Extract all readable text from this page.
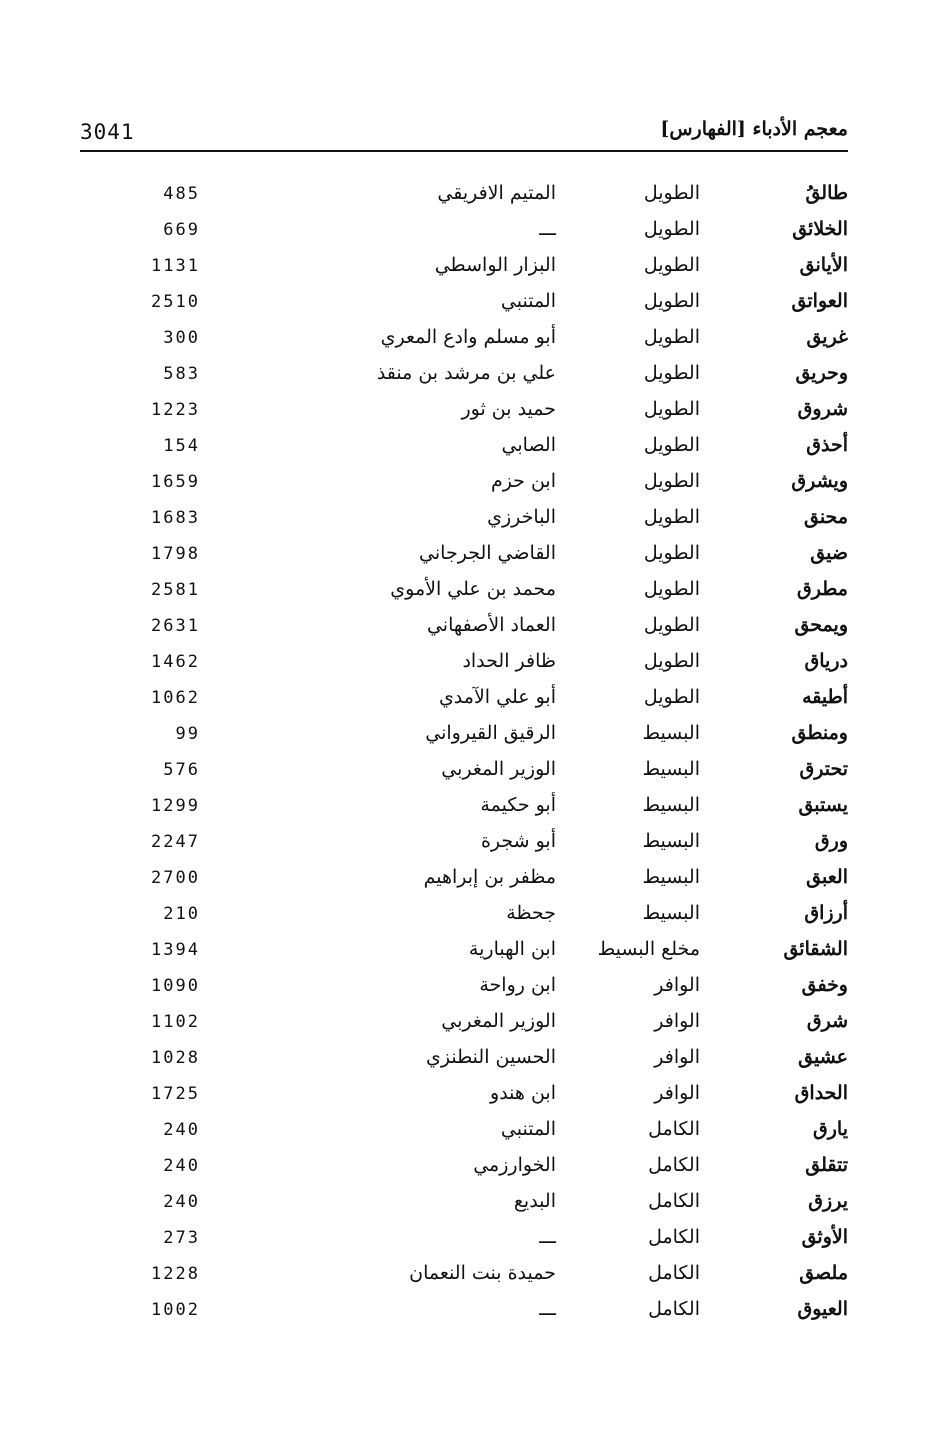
3041	معجم الأدباء [الفهارس]
طالقُ
الطويل
المتيم الافريقي
485
الخلائق
الطويل
ـــ
669
الأيانق
الطويل
البزار الواسطي
1131
العواتق
الطويل
المتنبي
2510
غريق
الطويل
أبو مسلم وادع المعري
300
وحريق
الطويل
علي بن مرشد بن منقذ
583
شروق
الطويل
حميد بن ثور
1223
أحذق
الطويل
الصابي
154
ويشرق
الطويل
ابن حزم
1659
محنق
الطويل
الباخرزي
1683
ضيق
الطويل
القاضي الجرجاني
1798
مطرق
الطويل
محمد بن علي الأموي
2581
ويمحق
الطويل
العماد الأصفهاني
2631
درياق
الطويل
ظافر الحداد
1462
أطيقه
الطويل
أبو علي الآمدي
1062
ومنطق
البسيط
الرقيق القيرواني
99
تحترق
البسيط
الوزير المغربي
576
يستبق
البسيط
أبو حكيمة
1299
ورق
البسيط
أبو شجرة
2247
العبق
البسيط
مظفر بن إبراهيم
2700
أرزاق
البسيط
جحظة
210
الشقائق
مخلع البسيط
ابن الهبارية
1394
وخفق
الوافر
ابن رواحة
1090
شرق
الوافر
الوزير المغربي
1102
عشيق
الوافر
الحسين النطنزي
1028
الحداق
الوافر
ابن هندو
1725
يارق
الكامل
المتنبي
240
تتقلق
الكامل
الخوارزمي
240
يرزق
الكامل
البديع
240
الأوثق
الكامل
ـــ
273
ملصق
الكامل
حميدة بنت النعمان
1228
العيوق
الكامل
ـــ
1002
